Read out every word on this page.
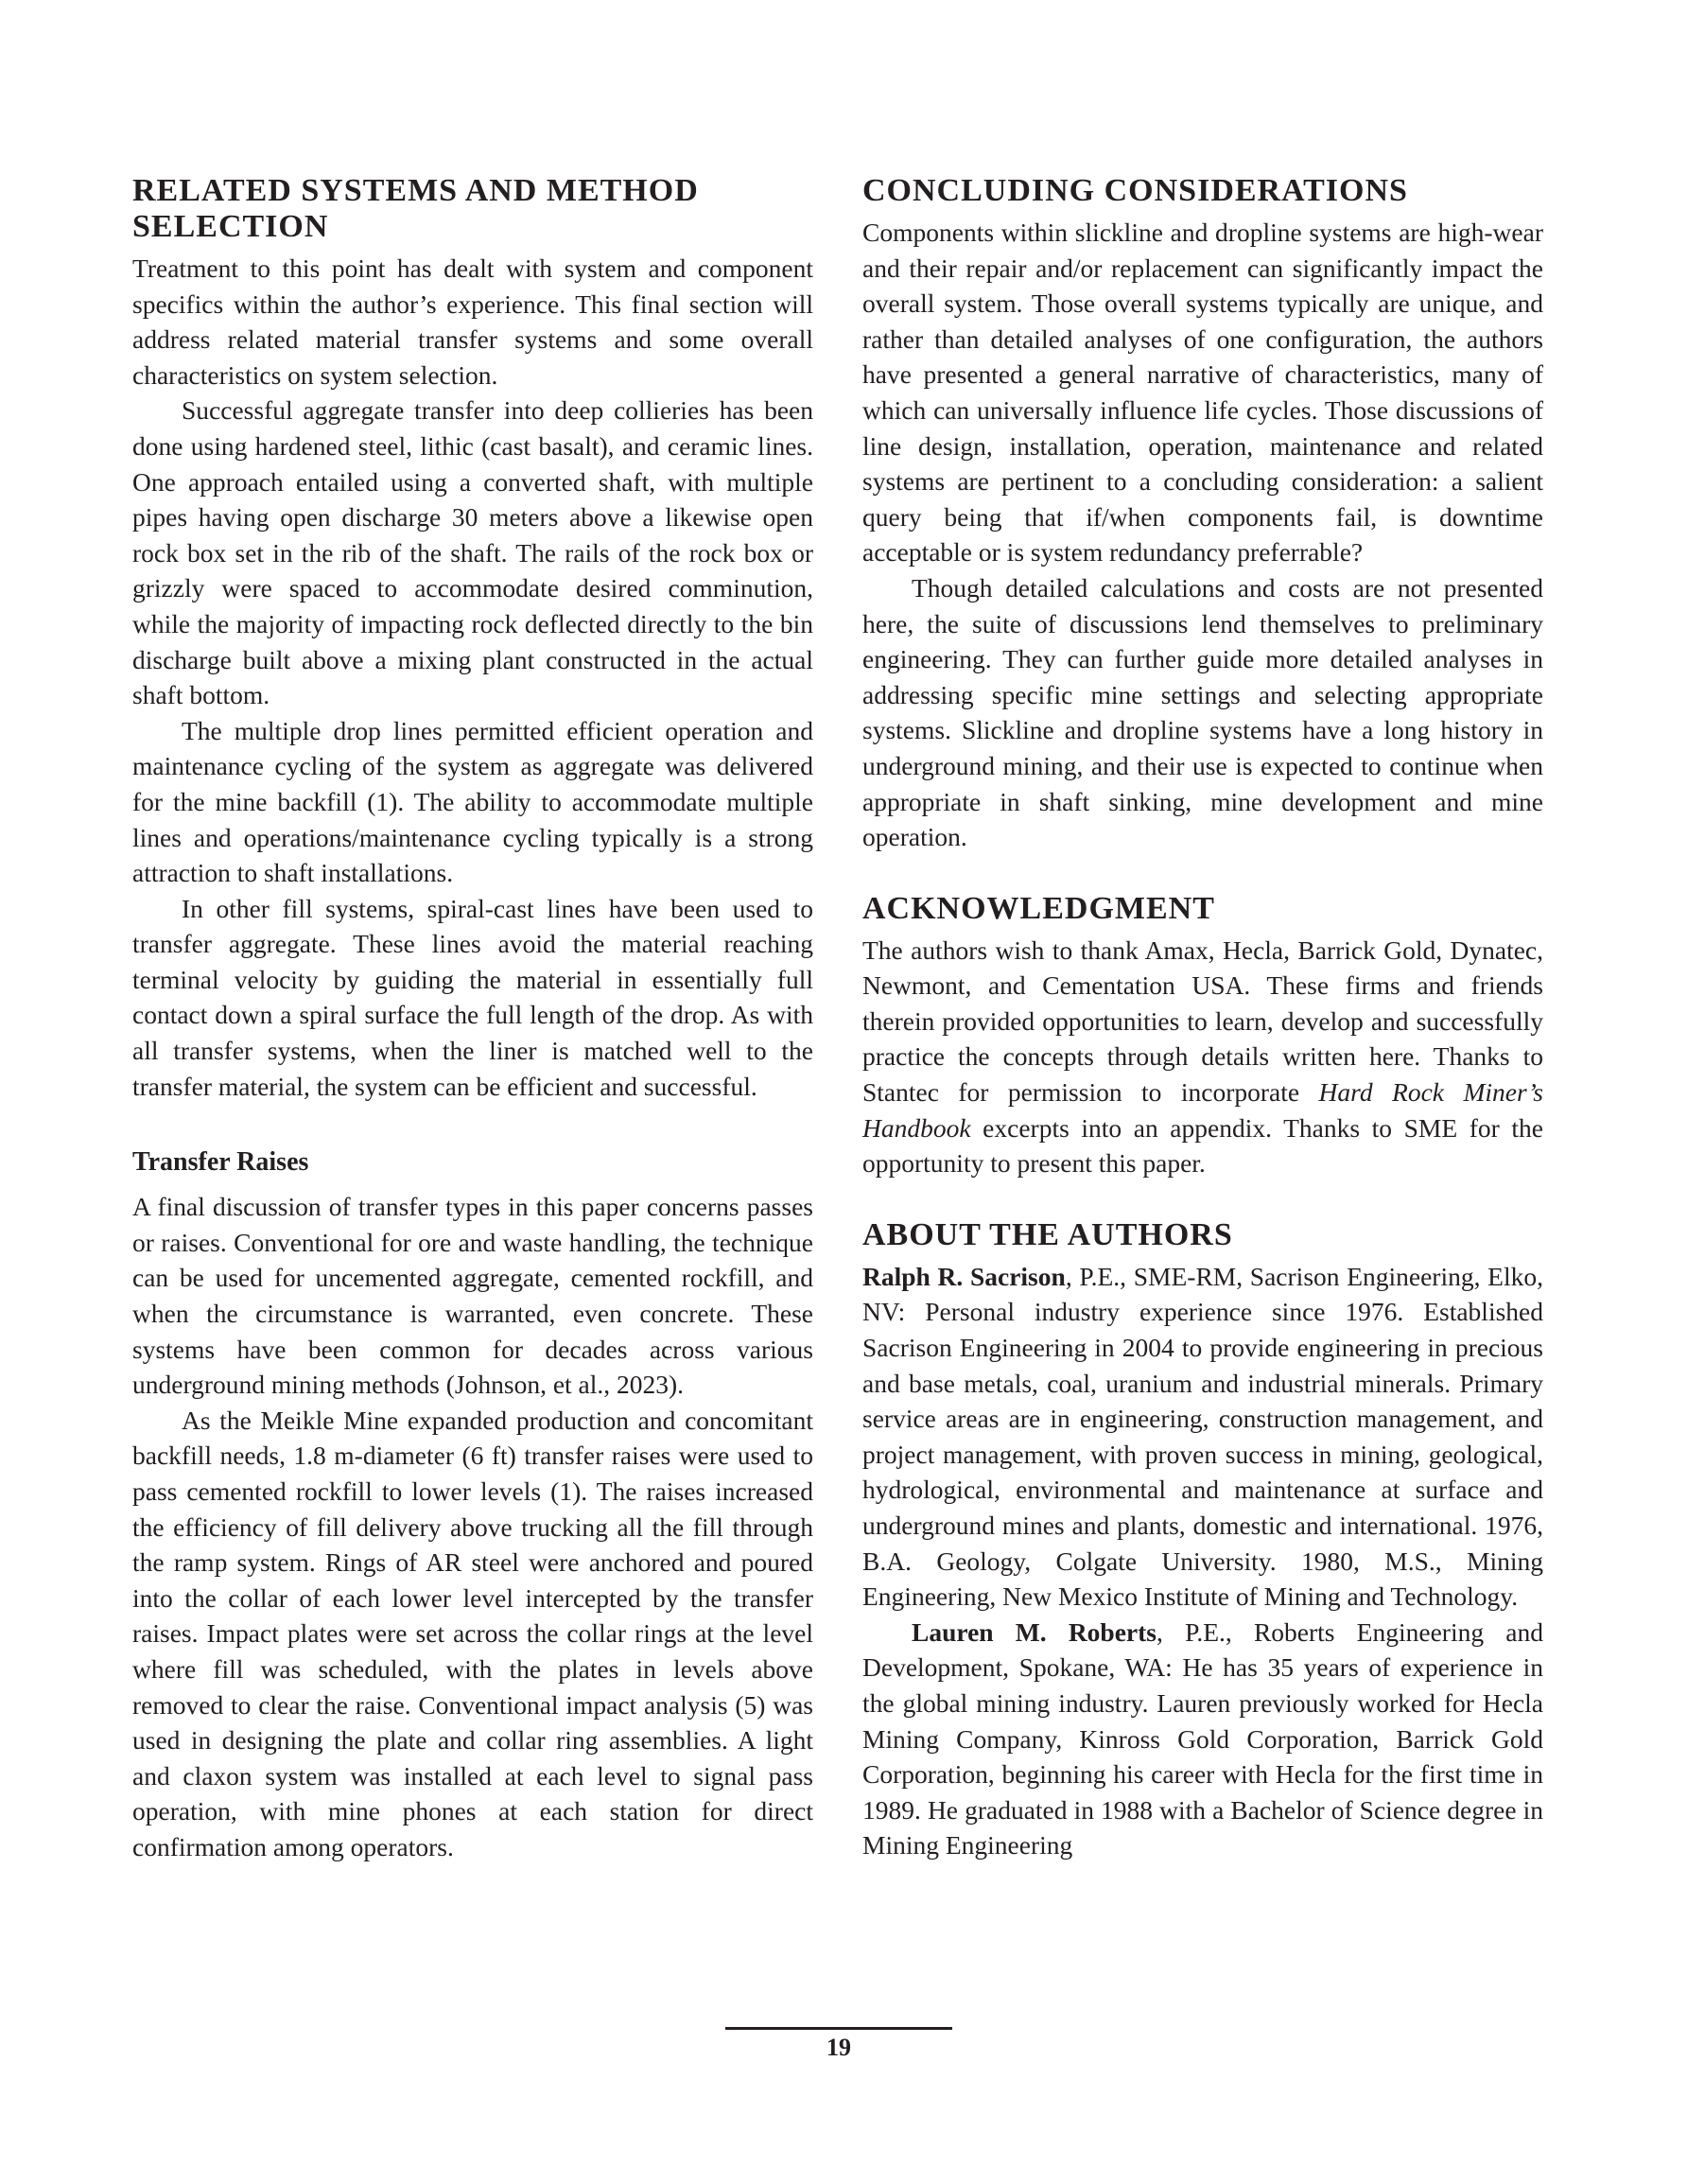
RELATED SYSTEMS AND METHOD SELECTION

Treatment to this point has dealt with system and component specifics within the author’s experience. This final section will address related material transfer systems and some overall characteristics on system selection.

Successful aggregate transfer into deep collieries has been done using hardened steel, lithic (cast basalt), and ceramic lines. One approach entailed using a converted shaft, with multiple pipes having open discharge 30 meters above a likewise open rock box set in the rib of the shaft. The rails of the rock box or grizzly were spaced to accommodate desired comminution, while the majority of impacting rock deflected directly to the bin discharge built above a mixing plant constructed in the actual shaft bottom.

The multiple drop lines permitted efficient operation and maintenance cycling of the system as aggregate was delivered for the mine backfill (1). The ability to accommodate multiple lines and operations/maintenance cycling typically is a strong attraction to shaft installations.

In other fill systems, spiral-cast lines have been used to transfer aggregate. These lines avoid the material reaching terminal velocity by guiding the material in essentially full contact down a spiral surface the full length of the drop. As with all transfer systems, when the liner is matched well to the transfer material, the system can be efficient and successful.

Transfer Raises

A final discussion of transfer types in this paper concerns passes or raises. Conventional for ore and waste handling, the technique can be used for uncemented aggregate, cemented rockfill, and when the circumstance is warranted, even concrete. These systems have been common for decades across various underground mining methods (Johnson, et al., 2023).

As the Meikle Mine expanded production and concomitant backfill needs, 1.8 m-diameter (6 ft) transfer raises were used to pass cemented rockfill to lower levels (1). The raises increased the efficiency of fill delivery above trucking all the fill through the ramp system. Rings of AR steel were anchored and poured into the collar of each lower level intercepted by the transfer raises. Impact plates were set across the collar rings at the level where fill was scheduled, with the plates in levels above removed to clear the raise. Conventional impact analysis (5) was used in designing the plate and collar ring assemblies. A light and claxon system was installed at each level to signal pass operation, with mine phones at each station for direct confirmation among operators.

CONCLUDING CONSIDERATIONS

Components within slickline and dropline systems are high-wear and their repair and/or replacement can significantly impact the overall system. Those overall systems typically are unique, and rather than detailed analyses of one configuration, the authors have presented a general narrative of characteristics, many of which can universally influence life cycles. Those discussions of line design, installation, operation, maintenance and related systems are pertinent to a concluding consideration: a salient query being that if/when components fail, is downtime acceptable or is system redundancy preferrable?

Though detailed calculations and costs are not presented here, the suite of discussions lend themselves to preliminary engineering. They can further guide more detailed analyses in addressing specific mine settings and selecting appropriate systems. Slickline and dropline systems have a long history in underground mining, and their use is expected to continue when appropriate in shaft sinking, mine development and mine operation.

ACKNOWLEDGMENT

The authors wish to thank Amax, Hecla, Barrick Gold, Dynatec, Newmont, and Cementation USA. These firms and friends therein provided opportunities to learn, develop and successfully practice the concepts through details written here. Thanks to Stantec for permission to incorporate Hard Rock Miner’s Handbook excerpts into an appendix. Thanks to SME for the opportunity to present this paper.

ABOUT THE AUTHORS

Ralph R. Sacrison, P.E., SME-RM, Sacrison Engineering, Elko, NV: Personal industry experience since 1976. Established Sacrison Engineering in 2004 to provide engineering in precious and base metals, coal, uranium and industrial minerals. Primary service areas are in engineering, construction management, and project management, with proven success in mining, geological, hydrological, environmental and maintenance at surface and underground mines and plants, domestic and international. 1976, B.A. Geology, Colgate University. 1980, M.S., Mining Engineering, New Mexico Institute of Mining and Technology.

Lauren M. Roberts, P.E., Roberts Engineering and Development, Spokane, WA: He has 35 years of experience in the global mining industry. Lauren previously worked for Hecla Mining Company, Kinross Gold Corporation, Barrick Gold Corporation, beginning his career with Hecla for the first time in 1989. He graduated in 1988 with a Bachelor of Science degree in Mining Engineering

19
